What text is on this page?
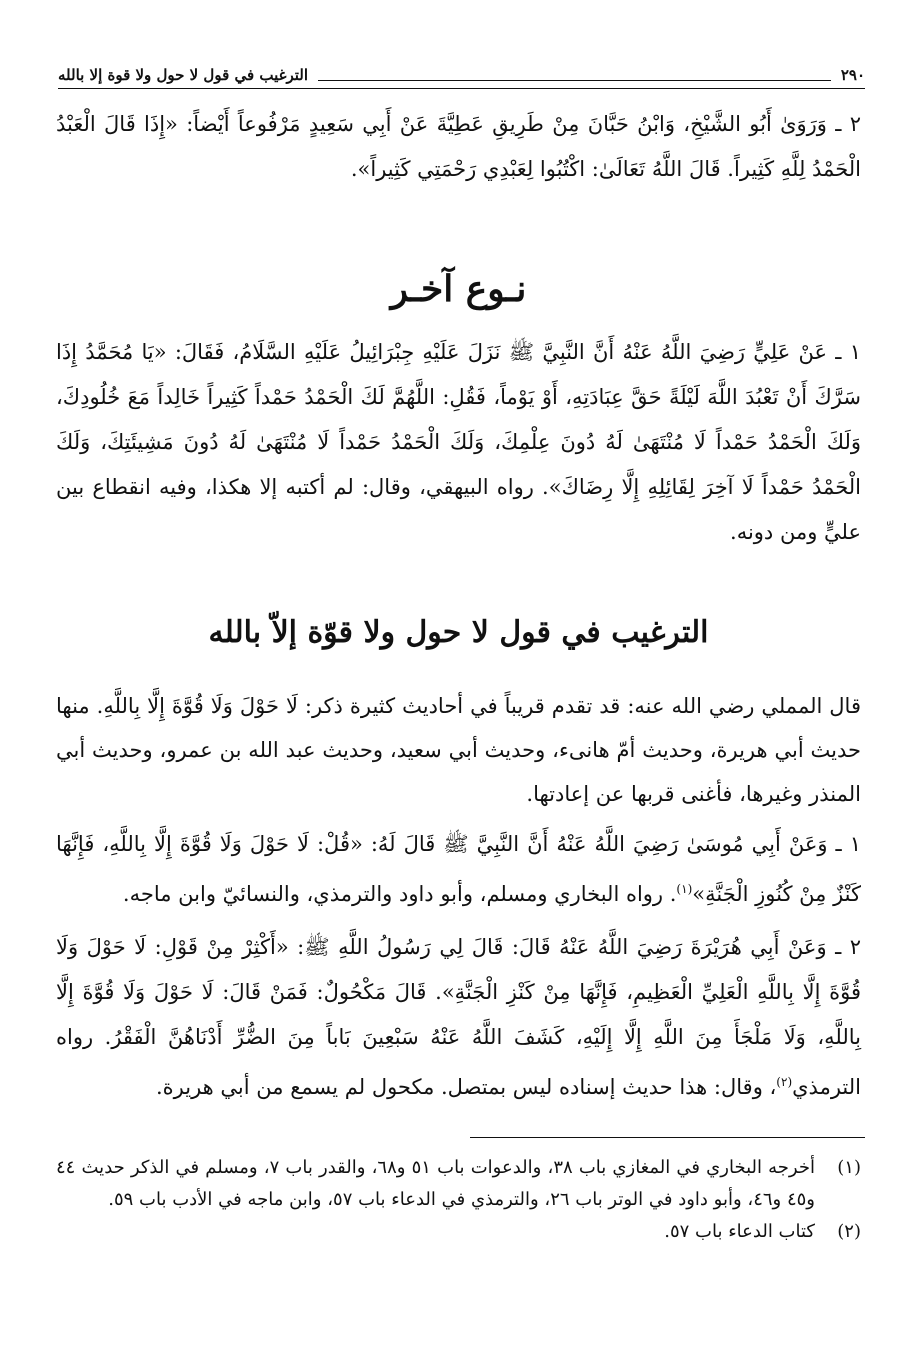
٢٩٠
الترغيب في قول لا حول ولا قوة إلا بالله

٢ ـ وَرَوَىٰ أَبُو الشَّيْخِ، وَابْنُ حَبَّانَ مِنْ طَرِيقِ عَطِيَّةَ عَنْ أَبِي سَعِيدٍ مَرْفُوعاً أَيْضاً: «إِذَا قَالَ الْعَبْدُ الْحَمْدُ لِلَّهِ كَثِيراً. قَالَ اللَّهُ تَعَالَىٰ: اكْتُبُوا لِعَبْدِي رَحْمَتِي كَثِيراً».

نـوع آخـر

١ ـ عَنْ عَلِيٍّ رَضِيَ اللَّهُ عَنْهُ أَنَّ النَّبِيَّ ﷺ نَزَلَ عَلَيْهِ جِبْرَائِيلُ عَلَيْهِ السَّلَامُ، فَقَالَ: «يَا مُحَمَّدُ إِذَا سَرَّكَ أَنْ تَعْبُدَ اللَّهَ لَيْلَةً حَقَّ عِبَادَتِهِ، أَوْ يَوْماً، فَقُلِ: اللَّهُمَّ لَكَ الْحَمْدُ حَمْداً كَثِيراً خَالِداً مَعَ خُلُودِكَ، وَلَكَ الْحَمْدُ حَمْداً لَا مُنْتَهَىٰ لَهُ دُونَ عِلْمِكَ، وَلَكَ الْحَمْدُ حَمْداً لَا مُنْتَهَىٰ لَهُ دُونَ مَشِيئَتِكَ، وَلَكَ الْحَمْدُ حَمْداً لَا آخِرَ لِقَائِلِهِ إِلَّا رِضَاكَ». رواه البيهقي، وقال: لم أكتبه إلا هكذا، وفيه انقطاع بين عليٍّ ومن دونه.

الترغيب في قول لا حول ولا قوّة إلاّ بالله

قال المملي رضي الله عنه: قد تقدم قريباً في أحاديث كثيرة ذكر: لَا حَوْلَ وَلَا قُوَّةَ إِلَّا بِاللَّهِ. منها حديث أبي هريرة، وحديث أمّ هانىء، وحديث أبي سعيد، وحديث عبد الله بن عمرو، وحديث أبي المنذر وغيرها، فأغنى قربها عن إعادتها.

١ ـ وَعَنْ أَبِي مُوسَىٰ رَضِيَ اللَّهُ عَنْهُ أَنَّ النَّبِيَّ ﷺ قَالَ لَهُ: «قُلْ: لَا حَوْلَ وَلَا قُوَّةَ إِلَّا بِاللَّهِ، فَإِنَّهَا كَنْزٌ مِنْ كُنُوزِ الْجَنَّةِ»$^{(١)}$. رواه البخاري ومسلم، وأبو داود والترمذي، والنسائيّ وابن ماجه.

٢ ـ وَعَنْ أَبِي هُرَيْرَةَ رَضِيَ اللَّهُ عَنْهُ قَالَ: قَالَ لِي رَسُولُ اللَّهِ ﷺ: «أَكْثِرْ مِنْ قَوْلِ: لَا حَوْلَ وَلَا قُوَّةَ إِلَّا بِاللَّهِ الْعَلِيِّ الْعَظِيمِ، فَإِنَّهَا مِنْ كَنْزِ الْجَنَّةِ». قَالَ مَكْحُولٌ: فَمَنْ قَالَ: لَا حَوْلَ وَلَا قُوَّةَ إِلَّا بِاللَّهِ، وَلَا مَلْجَأَ مِنَ اللَّهِ إِلَّا إِلَيْهِ، كَشَفَ اللَّهُ عَنْهُ سَبْعِينَ بَاباً مِنَ الضُّرِّ أَدْنَاهُنَّ الْفَقْرُ. رواه الترمذي$^{(٢)}$، وقال: هذا حديث إسناده ليس بمتصل. مكحول لم يسمع من أبي هريرة.

(١)
أخرجه البخاري في المغازي باب ٣٨، والدعوات باب ٥١ و٦٨، والقدر باب ٧، ومسلم في الذكر حديث ٤٤ و٤٥ و٤٦، وأبو داود في الوتر باب ٢٦، والترمذي في الدعاء باب ٥٧، وابن ماجه في الأدب باب ٥٩.
(٢)
كتاب الدعاء باب ٥٧.
